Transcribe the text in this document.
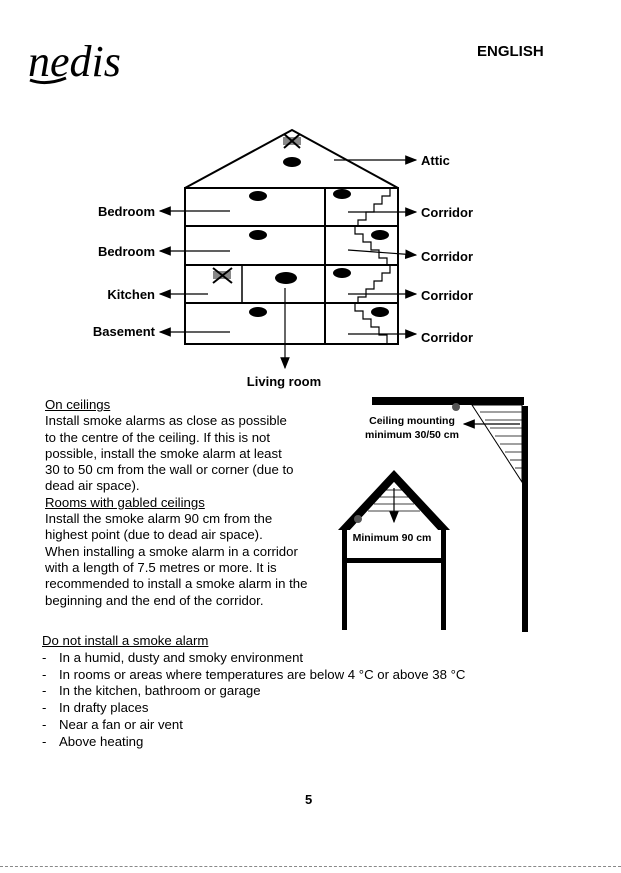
nedis	ENGLISH
Attic
Corridor
Corridor
Corridor
Corridor
Bedroom
Bedroom
Kitchen
Basement
Living room
Ceiling mounting
minimum 30/50 cm
Minimum 90 cm
On ceilings
Install smoke alarms as close as possible
to the centre of the ceiling. If this is not
possible, install the smoke alarm at least
30 to 50 cm from the wall or corner (due to
dead air space).
Rooms with gabled ceilings
Install the smoke alarm 90 cm from the
highest point (due to dead air space).
When installing a smoke alarm in a corridor
with a length of 7.5 metres or more. It is
recommended to install a smoke alarm in the
beginning and the end of the corridor.
Do not install a smoke alarm
- In a humid, dusty and smoky environment
- In rooms or areas where temperatures are below 4 °C or above 38 °C
- In the kitchen, bathroom or garage
- In drafty places
- Near a fan or air vent
- Above heating
5
